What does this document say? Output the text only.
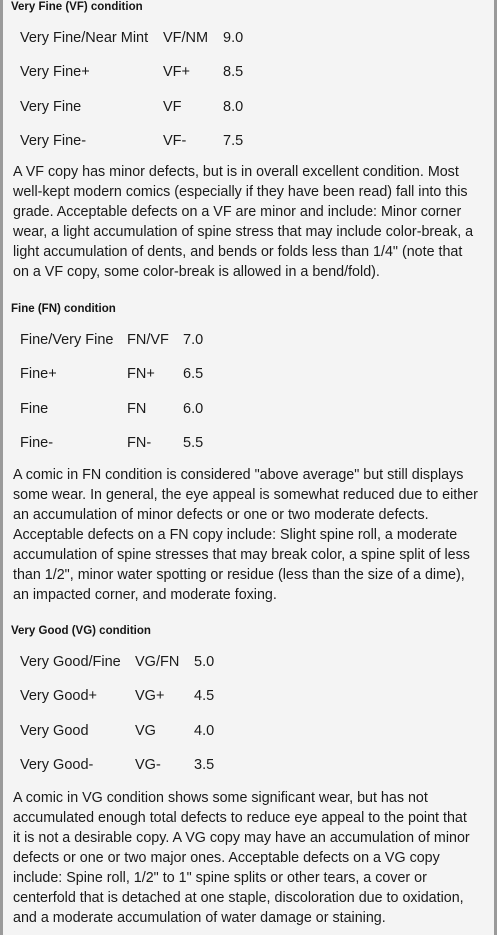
Very Fine (VF) condition
Very Fine/Near Mint	VF/NM	9.0
Very Fine+	VF+	8.5
Very Fine	VF	8.0
Very Fine-	VF-	7.5
A VF copy has minor defects, but is in overall excellent condition. Most
well-kept modern comics (especially if they have been read) fall into this
grade. Acceptable defects on a VF are minor and include: Minor corner
wear, a light accumulation of spine stress that may include color-break, a
light accumulation of dents, and bends or folds less than 1/4" (note that
on a VF copy, some color-break is allowed in a bend/fold).
Fine (FN) condition
Fine/Very Fine	FN/VF	7.0
Fine+	FN+	6.5
Fine	FN	6.0
Fine-	FN-	5.5
A comic in FN condition is considered "above average" but still displays
some wear. In general, the eye appeal is somewhat reduced due to either
an accumulation of minor defects or one or two moderate defects.
Acceptable defects on a FN copy include: Slight spine roll, a moderate
accumulation of spine stresses that may break color, a spine split of less
than 1/2", minor water spotting or residue (less than the size of a dime),
an impacted corner, and moderate foxing.
Very Good (VG) condition
Very Good/Fine	VG/FN	5.0
Very Good+	VG+	4.5
Very Good	VG	4.0
Very Good-	VG-	3.5
A comic in VG condition shows some significant wear, but has not
accumulated enough total defects to reduce eye appeal to the point that
it is not a desirable copy. A VG copy may have an accumulation of minor
defects or one or two major ones. Acceptable defects on a VG copy
include: Spine roll, 1/2" to 1" spine splits or other tears, a cover or
centerfold that is detached at one staple, discoloration due to oxidation,
and a moderate accumulation of water damage or staining.
